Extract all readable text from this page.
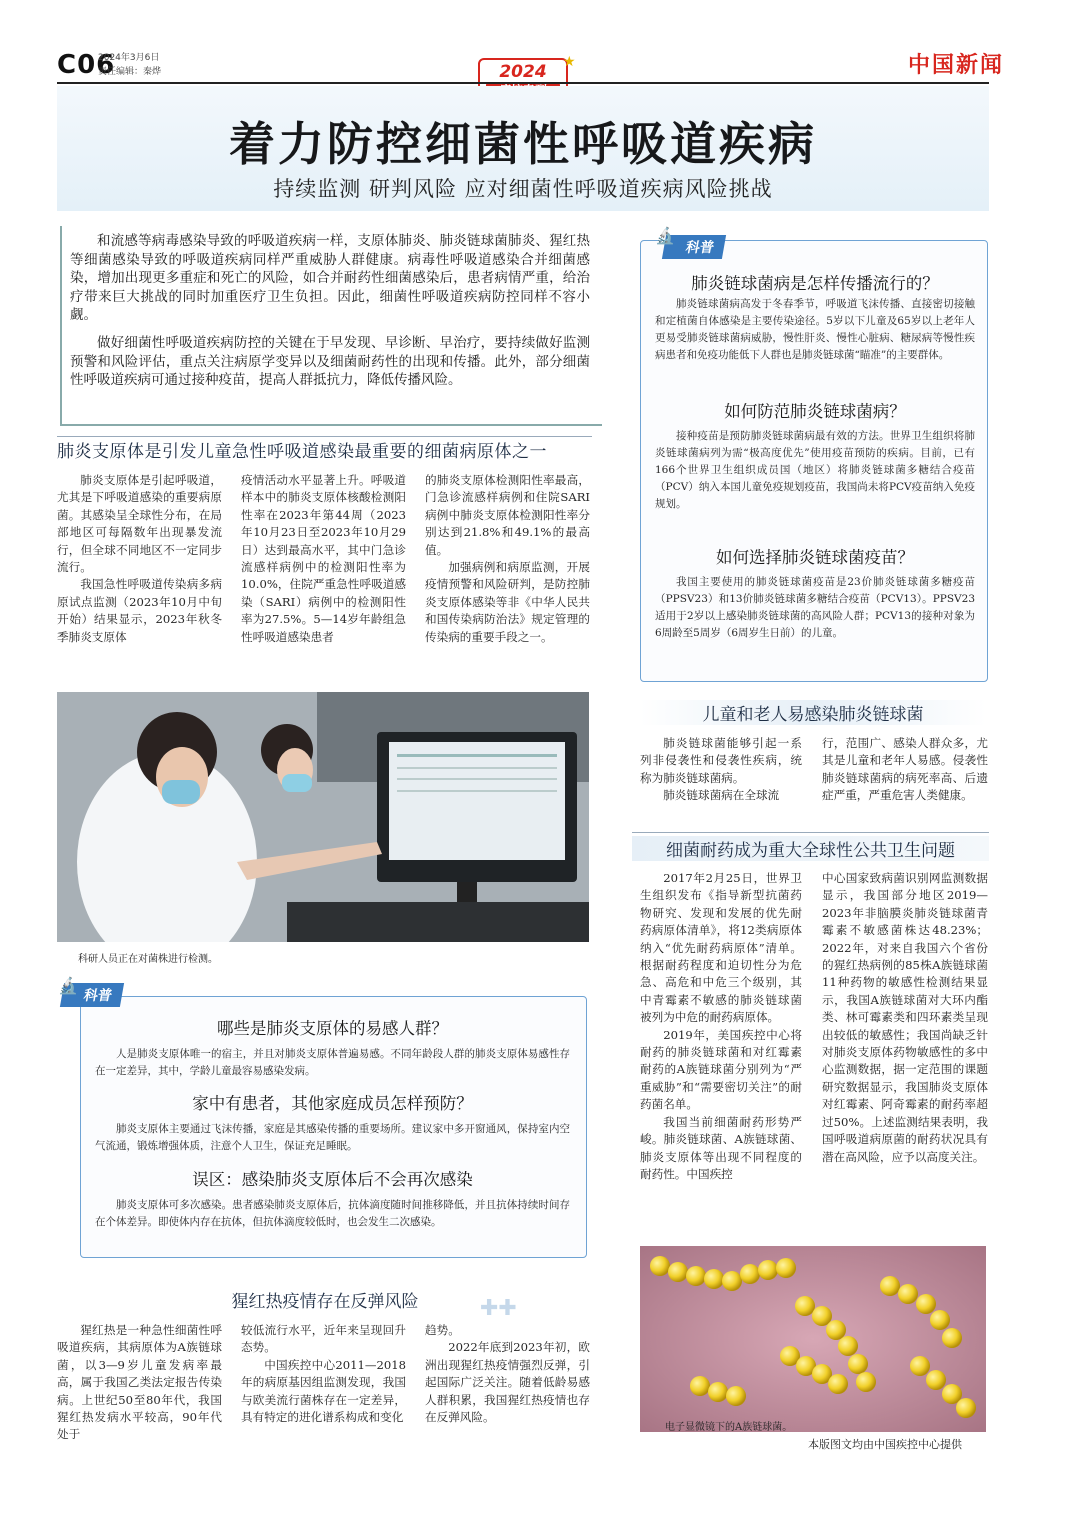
C06
2024年3月6日
责任编辑：秦烨	2024	★	中国新闻
着力防控细菌性呼吸道疾病
持续监测 研判风险 应对细菌性呼吸道疾病风险挑战

和流感等病毒感染导致的呼吸道疾病一样，支原体肺炎、肺炎链球菌肺炎、猩红热等细菌感染导致的呼吸道疾病同样严重威胁人群健康。病毒性呼吸道感染合并细菌感染，增加出现更多重症和死亡的风险，如合并耐药性细菌感染后，患者病情严重，给治疗带来巨大挑战的同时加重医疗卫生负担。因此，细菌性呼吸道疾病防控同样不容小觑。

做好细菌性呼吸道疾病防控的关键在于早发现、早诊断、早治疗，要持续做好监测预警和风险评估，重点关注病原学变异以及细菌耐药性的出现和传播。此外，部分细菌性呼吸道疾病可通过接种疫苗，提高人群抵抗力，降低传播风险。

肺炎支原体是引发儿童急性呼吸道感染最重要的细菌病原体之一

肺炎支原体是引起呼吸道，尤其是下呼吸道感染的重要病原菌。其感染呈全球性分布，在局部地区可每隔数年出现暴发流行，但全球不同地区不一定同步流行。

我国急性呼吸道传染病多病原试点监测（2023年10月中旬开始）结果显示，2023年秋冬季肺炎支原体

疫情活动水平显著上升。呼吸道样本中的肺炎支原体核酸检测阳性率在2023年第44周（2023年10月23日至2023年10月29日）达到最高水平，其中门急诊流感样病例中的检测阳性率为10.0%，住院严重急性呼吸道感染（SARI）病例中的检测阳性率为27.5%。5—14岁年龄组急性呼吸道感染患者

的肺炎支原体检测阳性率最高，门急诊流感样病例和住院SARI病例中肺炎支原体检测阳性率分别达到21.8%和49.1%的最高值。

加强病例和病原监测，开展疫情预警和风险研判，是防控肺炎支原体感染等非《中华人民共和国传染病防治法》规定管理的传染病的重要手段之一。

科研人员正在对菌株进行检测。
科普
🔬
哪些是肺炎支原体的易感人群？

人是肺炎支原体唯一的宿主，并且对肺炎支原体普遍易感。不同年龄段人群的肺炎支原体易感性存在一定差异，其中，学龄儿童最容易感染发病。

家中有患者，其他家庭成员怎样预防？

肺炎支原体主要通过飞沫传播，家庭是其感染传播的重要场所。建议家中多开窗通风，保持室内空气流通，锻炼增强体质，注意个人卫生，保证充足睡眠。

误区：感染肺炎支原体后不会再次感染

肺炎支原体可多次感染。患者感染肺炎支原体后，抗体滴度随时间推移降低，并且抗体持续时间存在个体差异。即使体内存在抗体，但抗体滴度较低时，也会发生二次感染。

猩红热疫情存在反弹风险	✚✚

猩红热是一种急性细菌性呼吸道疾病，其病原体为A族链球菌，以3—9岁儿童发病率最高，属于我国乙类法定报告传染病。上世纪50至80年代，我国猩红热发病水平较高，90年代处于

较低流行水平，近年来呈现回升态势。

中国疾控中心2011—2018年的病原基因组监测发现，我国与欧美流行菌株存在一定差异，具有特定的进化谱系构成和变化

趋势。

2022年底到2023年初，欧洲出现猩红热疫情强烈反弹，引起国际广泛关注。随着低龄易感人群积累，我国猩红热疫情也存在反弹风险。

科普
🔬
肺炎链球菌病是怎样传播流行的？

肺炎链球菌病高发于冬春季节，呼吸道飞沫传播、直接密切接触和定植菌自体感染是主要传染途径。5岁以下儿童及65岁以上老年人更易受肺炎链球菌病威胁，慢性肝炎、慢性心脏病、糖尿病等慢性疾病患者和免疫功能低下人群也是肺炎链球菌“瞄准”的主要群体。

如何防范肺炎链球菌病？

接种疫苗是预防肺炎链球菌病最有效的方法。世界卫生组织将肺炎链球菌病列为需“极高度优先”使用疫苗预防的疾病。目前，已有166个世界卫生组织成员国（地区）将肺炎链球菌多糖结合疫苗（PCV）纳入本国儿童免疫规划疫苗，我国尚未将PCV疫苗纳入免疫规划。

如何选择肺炎链球菌疫苗？

我国主要使用的肺炎链球菌疫苗是23价肺炎链球菌多糖疫苗（PPSV23）和13价肺炎链球菌多糖结合疫苗（PCV13）。PPSV23适用于2岁以上感染肺炎链球菌的高风险人群；PCV13的接种对象为6周龄至5周岁（6周岁生日前）的儿童。

儿童和老人易感染肺炎链球菌

肺炎链球菌能够引起一系列非侵袭性和侵袭性疾病，统称为肺炎链球菌病。

肺炎链球菌病在全球流

行，范围广、感染人群众多，尤其是儿童和老年人易感。侵袭性肺炎链球菌病的病死率高、后遗症严重，严重危害人类健康。

细菌耐药成为重大全球性公共卫生问题

2017年2月25日，世界卫生组织发布《指导新型抗菌药物研究、发现和发展的优先耐药病原体清单》，将12类病原体纳入“优先耐药病原体”清单。根据耐药程度和迫切性分为危急、高危和中危三个级别，其中青霉素不敏感的肺炎链球菌被列为中危的耐药病原体。

2019年，美国疾控中心将耐药的肺炎链球菌和对红霉素耐药的A族链球菌分别列为“严重威胁”和“需要密切关注”的耐药菌名单。

我国当前细菌耐药形势严峻。肺炎链球菌、A族链球菌、肺炎支原体等出现不同程度的耐药性。中国疾控

中心国家致病菌识别网监测数据显示，我国部分地区2019—2023年非脑膜炎肺炎链球菌青霉素不敏感菌株达48.23%；2022年，对来自我国六个省份的猩红热病例的85株A族链球菌11种药物的敏感性检测结果显示，我国A族链球菌对大环内酯类、林可霉素类和四环素类呈现出较低的敏感性；我国尚缺乏针对肺炎支原体药物敏感性的多中心监测数据，据一定范围的课题研究数据显示，我国肺炎支原体对红霉素、阿奇霉素的耐药率超过50%。上述监测结果表明，我国呼吸道病原菌的耐药状况具有潜在高风险，应予以高度关注。

电子显微镜下的A族链球菌。
本版图文均由中国疾控中心提供
